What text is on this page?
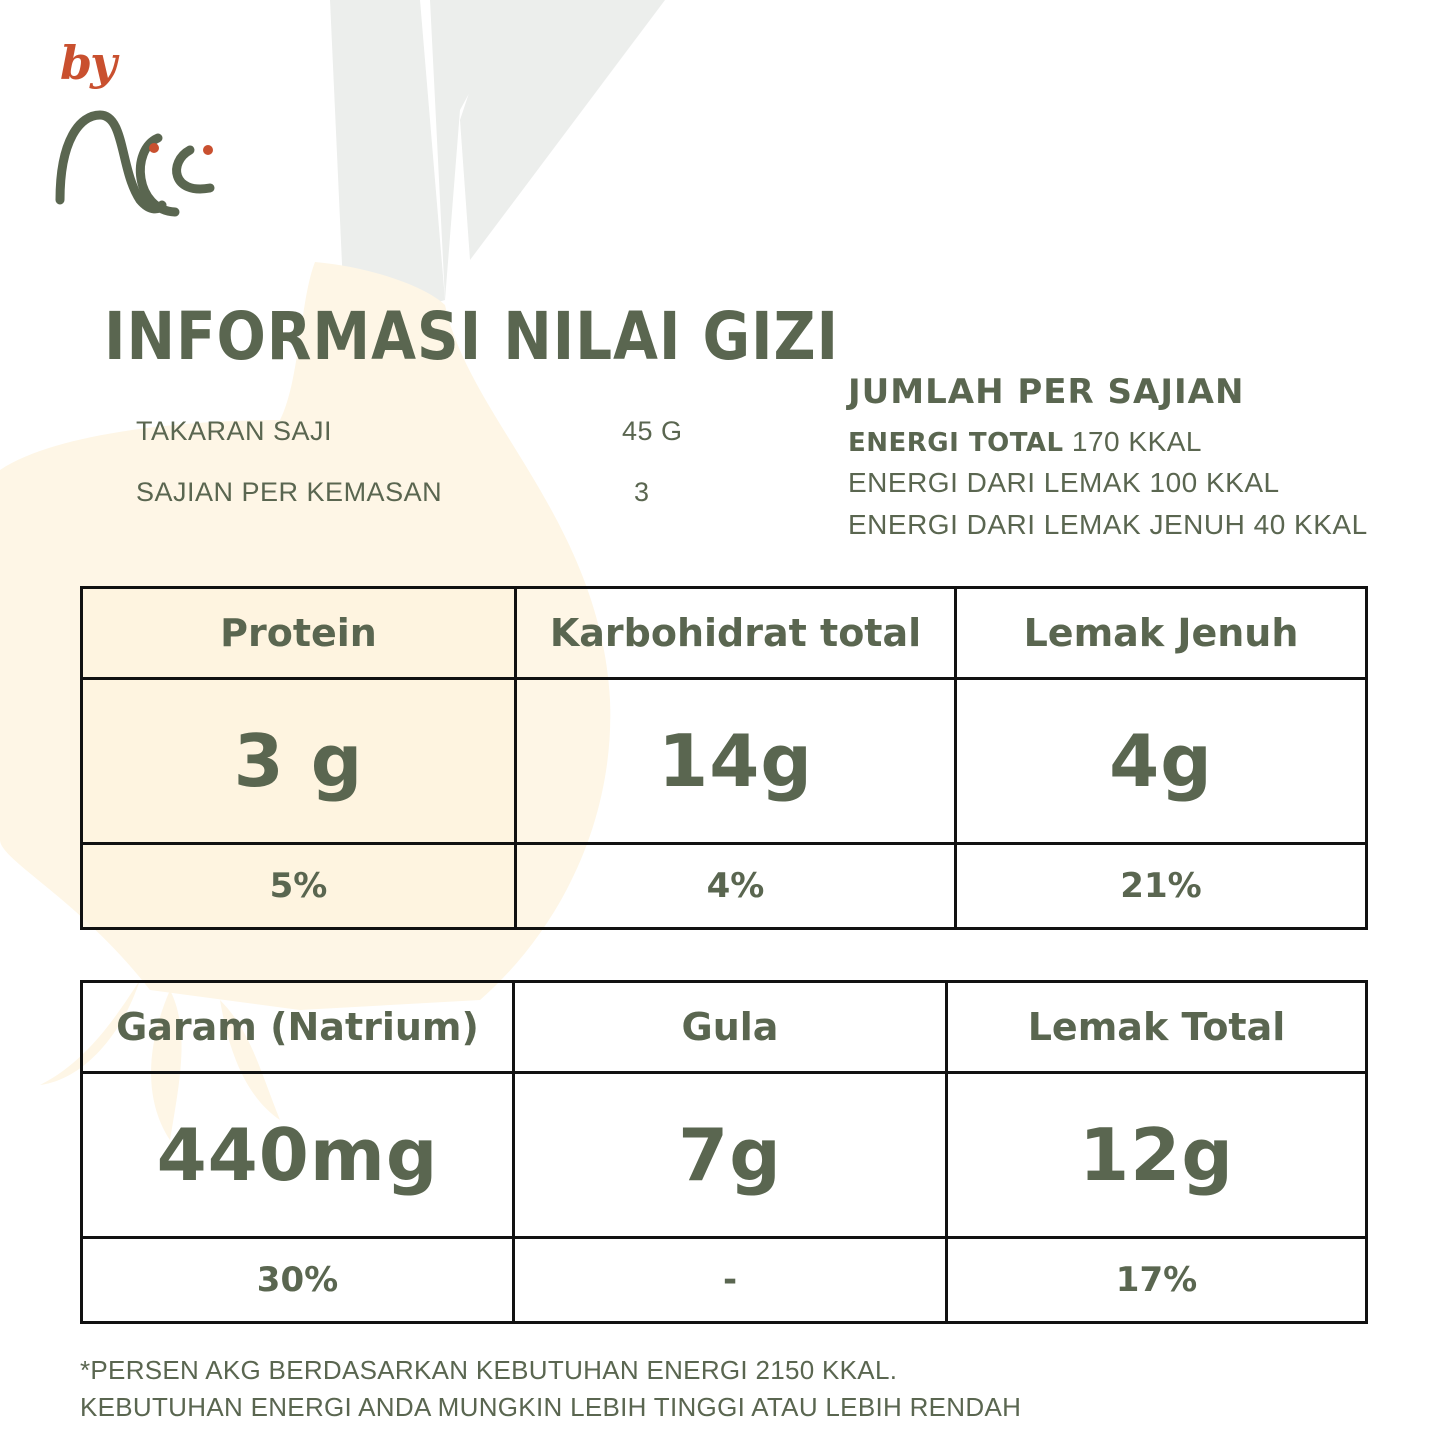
by
INFORMASI NILAI GIZI
TAKARAN SAJI	45 G
SAJIAN PER KEMASAN	3
JUMLAH PER SAJIAN
ENERGI TOTAL 170 KKAL
ENERGI DARI LEMAK 100 KKAL
ENERGI DARI LEMAK JENUH 40 KKAL
Protein	Karbohidrat total	Lemak Jenuh
3 g	14g	4g
5%	4%	21%
Garam (Natrium)	Gula	Lemak Total
440mg	7g	12g
30%	-	17%
*PERSEN AKG BERDASARKAN KEBUTUHAN ENERGI 2150 KKAL.
KEBUTUHAN ENERGI ANDA MUNGKIN LEBIH TINGGI ATAU LEBIH RENDAH
